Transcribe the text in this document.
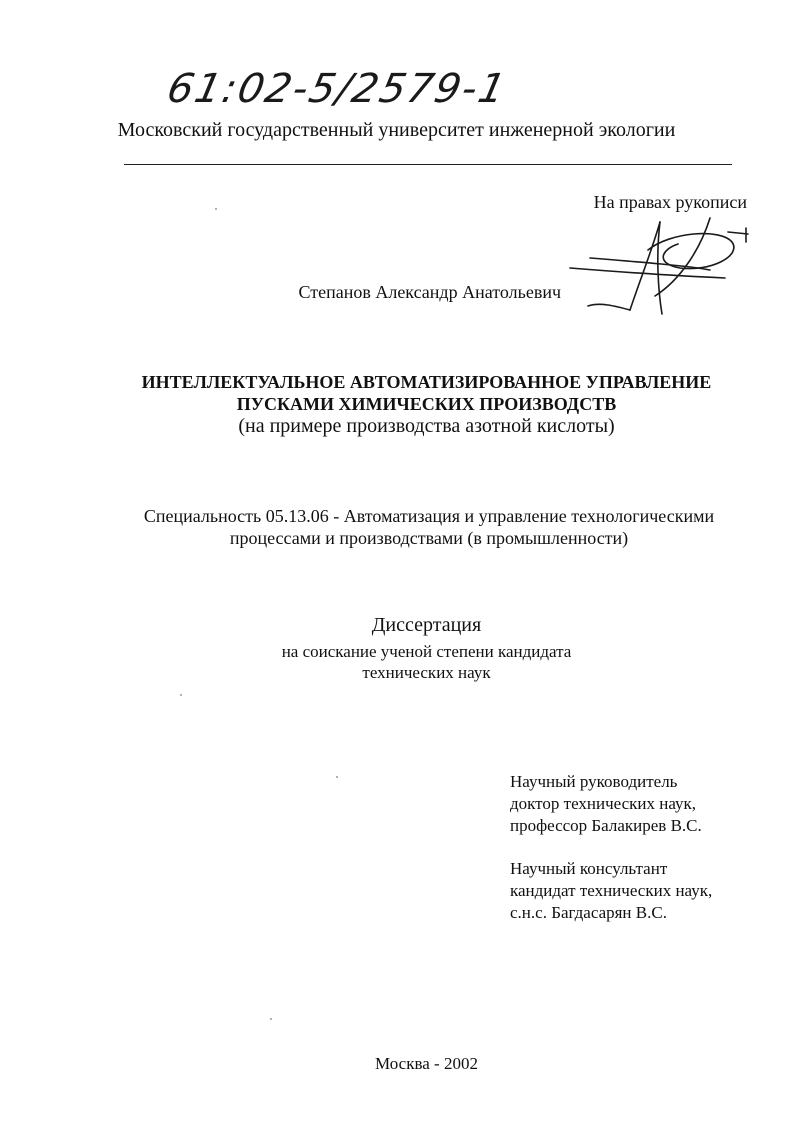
61:02-5/2579-1
Московский государственный университет инженерной экологии
На правах рукописи
Степанов Александр Анатольевич
ИНТЕЛЛЕКТУАЛЬНОЕ АВТОМАТИЗИРОВАННОЕ УПРАВЛЕНИЕ
ПУСКАМИ ХИМИЧЕСКИХ ПРОИЗВОДСТВ
(на примере производства азотной кислоты)
Специальность 05.13.06 - Автоматизация и управление технологическими
процессами и производствами (в промышленности)
Диссертация
на соискание ученой степени кандидата
технических наук
Научный руководитель
доктор технических наук,
профессор Балакирев В.С.
Научный консультант
кандидат технических наук,
с.н.с. Багдасарян В.С.
Москва - 2002
